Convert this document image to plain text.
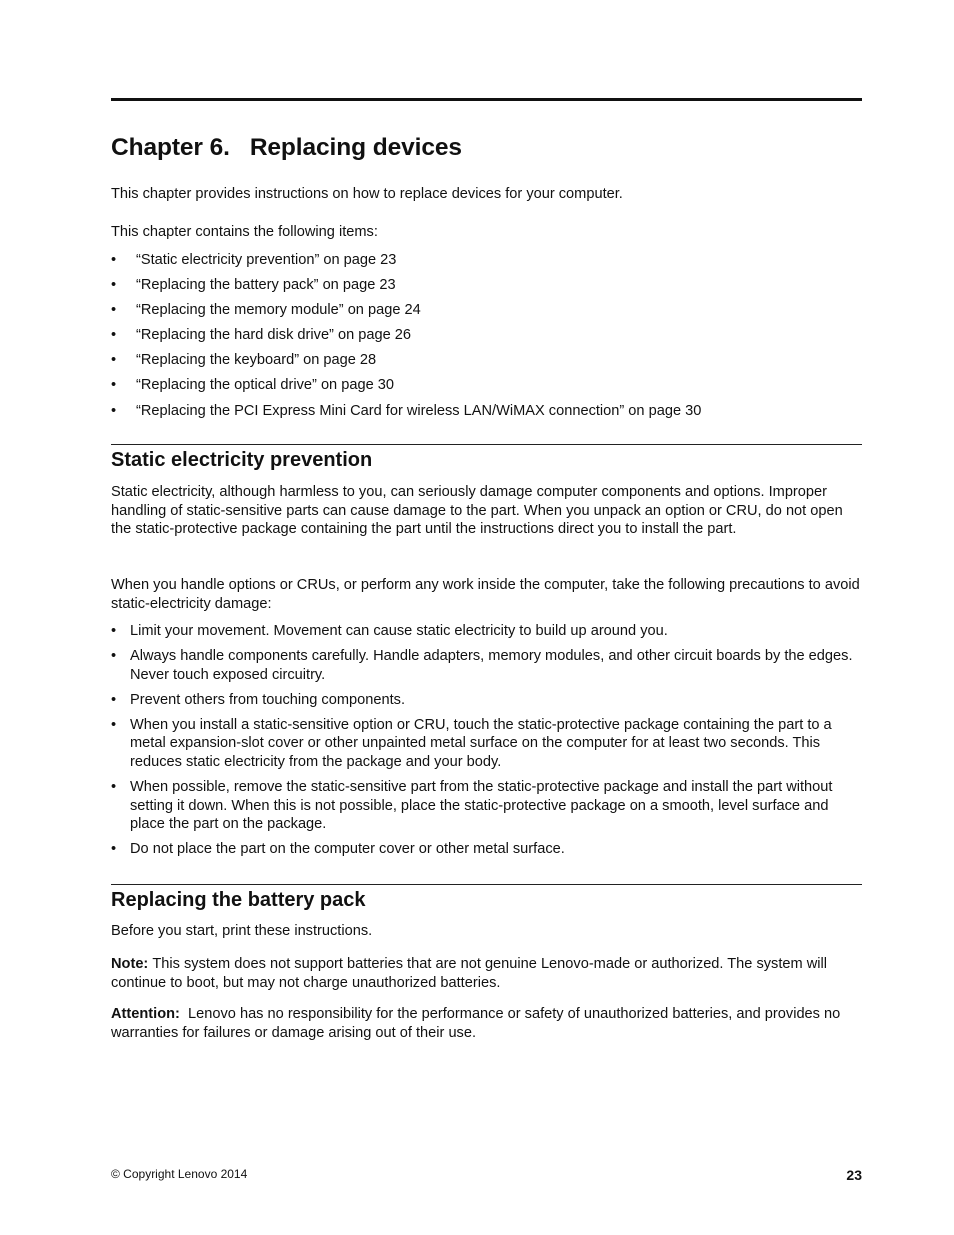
Chapter 6. Replacing devices

This chapter provides instructions on how to replace devices for your computer.

This chapter contains the following items:

• “Static electricity prevention” on page 23
• “Replacing the battery pack” on page 23
• “Replacing the memory module” on page 24
• “Replacing the hard disk drive” on page 26
• “Replacing the keyboard” on page 28
• “Replacing the optical drive” on page 30
• “Replacing the PCI Express Mini Card for wireless LAN/WiMAX connection” on page 30
Static electricity prevention

Static electricity, although harmless to you, can seriously damage computer components and options. Improper handling of static-sensitive parts can cause damage to the part. When you unpack an option or CRU, do not open the static-protective package containing the part until the instructions direct you to install the part.

When you handle options or CRUs, or perform any work inside the computer, take the following precautions to avoid static-electricity damage:

• Limit your movement. Movement can cause static electricity to build up around you.
• Always handle components carefully. Handle adapters, memory modules, and other circuit boards by the edges. Never touch exposed circuitry.
• Prevent others from touching components.
• When you install a static-sensitive option or CRU, touch the static-protective package containing the part to a metal expansion-slot cover or other unpainted metal surface on the computer for at least two seconds. This reduces static electricity from the package and your body.
• When possible, remove the static-sensitive part from the static-protective package and install the part without setting it down. When this is not possible, place the static-protective package on a smooth, level surface and place the part on the package.
• Do not place the part on the computer cover or other metal surface.
Replacing the battery pack

Before you start, print these instructions.

Note: This system does not support batteries that are not genuine Lenovo-made or authorized. The system will continue to boot, but may not charge unauthorized batteries.

Attention: Lenovo has no responsibility for the performance or safety of unauthorized batteries, and provides no warranties for failures or damage arising out of their use.

© Copyright Lenovo 2014	23
